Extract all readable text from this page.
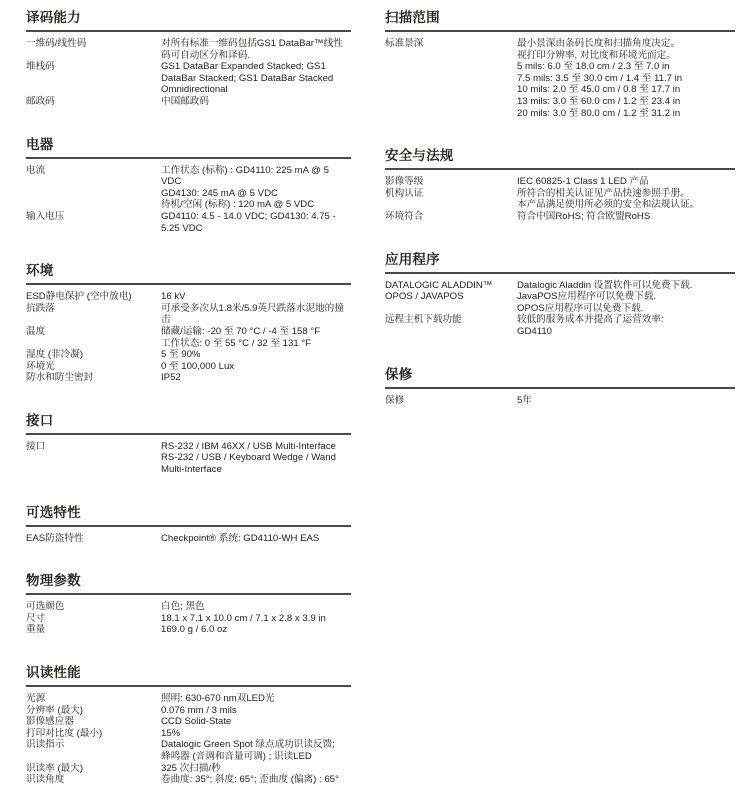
译码能力
一维码/线性码	对所有标准一维码包括GS1 DataBar™线性
码可自动区分和译码.
堆栈码	GS1 DataBar Expanded Stacked; GS1
DataBar Stacked; GS1 DataBar Stacked
Omnidirectional
邮政码	中国邮政码
电器
电流	工作状态 (标称) : GD4110: 225 mA @ 5
VDC
GD4130: 245 mA @ 5 VDC
待机/空闲 (标称) : 120 mA @ 5 VDC
输入电压	GD4110: 4.5 - 14.0 VDC; GD4130: 4.75 -
5.25 VDC
环境
ESD静电保护 (空中放电)	16 kV
抗跌落	可承受多次从1.8米/5.9英尺跌落水泥地的撞
击
温度	储藏/运输: -20 至 70 °C / -4 至 158 °F
工作状态: 0 至 55 °C / 32 至 131 °F
湿度 (非冷凝)	5 至 90%
环境光	0 至 100,000 Lux
防水和防尘密封	IP52
接口
接口	RS-232 / IBM 46XX / USB Multi-Interface
RS-232 / USB / Keyboard Wedge / Wand
Multi-Interface
可选特性
EAS防盗特性	Checkpoint® 系统: GD4110-WH EAS
物理参数
可选颜色	白色; 黑色
尺寸	18.1 x 7.1 x 10.0 cm / 7.1 x 2.8 x 3.9 in
重量	169.0 g / 6.0 oz
识读性能
光源	照明: 630-670 nm双LED光
分辨率 (最大)	0.076 mm / 3 mils
影像感应器	CCD Solid-State
打印对比度 (最小)	15%
识读指示	Datalogic Green Spot 绿点成功识读反馈;
蜂鸣器 (音调和音量可调) ; 识读LED
识读率 (最大)	325 次扫描/秒
识读角度	卷曲度: 35°; 斜度: 65°; 歪曲度 (偏离) : 65°
扫描范围
标准景深	最小景深由条码长度和扫描角度决定。
视打印分辨率, 对比度和环境光而定。
5 mils: 6.0 至 18.0 cm / 2.3 至 7.0 in
7.5 mils: 3.5 至 30.0 cm / 1.4 至 11.7 in
10 mils: 2.0 至 45.0 cm / 0.8 至 17.7 in
13 mils: 3.0 至 60.0 cm / 1.2 至 23.4 in
20 mils: 3.0 至 80.0 cm / 1.2 至 31.2 in
安全与法规
影像等级	IEC 60825-1 Class 1 LED 产品
机构认证	所符合的相关认证见产品快速参照手册。
本产品满足使用所必须的安全和法规认证。
环境符合	符合中国RoHS; 符合欧盟RoHS
应用程序
DATALOGIC ALADDIN™	Datalogic Aladdin 设置软件可以免费下载.
OPOS / JAVAPOS	JavaPOS应用程序可以免费下载.
OPOS应用程序可以免费下载.
远程主机下载功能	较低的服务成本并提高了运营效率:
GD4110
保修
保修	5年
